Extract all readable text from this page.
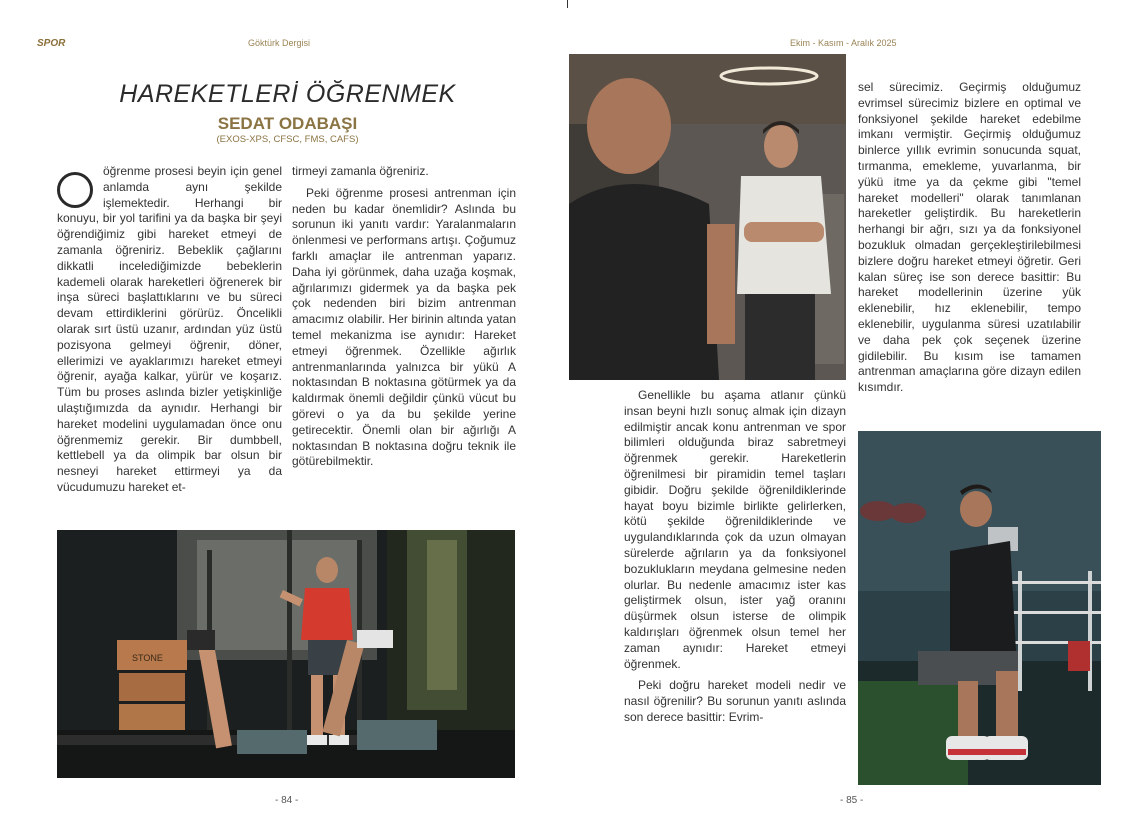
SPOR	Göktürk Dergisi
HAREKETLERİ ÖĞRENMEK
SEDAT ODABAŞI
(EXOS-XPS, CFSC, FMS, CAFS)

öğrenme prosesi beyin için genel anlamda aynı şekilde işlemektedir. Herhangi bir konuyu, bir yol tarifini ya da başka bir şeyi öğrendiğimiz gibi hareket etmeyi de zamanla öğreniriz. Bebeklik çağlarını dikkatli incelediğimizde bebeklerin kademeli olarak hareketleri öğrenerek bir inşa süreci başlattıklarını ve bu süreci devam ettirdiklerini görürüz. Öncelikli olarak sırt üstü uzanır, ardından yüz üstü pozisyona gelmeyi öğrenir, döner, ellerimizi ve ayaklarımızı hareket etmeyi öğrenir, ayağa kalkar, yürür ve koşarız. Tüm bu proses aslında bizler yetişkinliğe ulaştığımızda da aynıdır. Herhangi bir hareket modelini uygulamadan önce onu öğrenmemiz gerekir. Bir dumbbell, kettlebell ya da olimpik bar olsun bir nesneyi hareket ettirmeyi ya da vücudumuzu hareket et-

tirmeyi zamanla öğreniriz.

Peki öğrenme prosesi antrenman için neden bu kadar önemlidir? Aslında bu sorunun iki yanıtı vardır: Yaralanmaların önlenmesi ve performans artışı. Çoğumuz farklı amaçlar ile antrenman yaparız. Daha iyi görünmek, daha uzağa koşmak, ağrılarımızı gidermek ya da başka pek çok nedenden biri bizim antrenman amacımız olabilir. Her birinin altında yatan temel mekanizma ise aynıdır: Hareket etmeyi öğrenmek. Özellikle ağırlık antrenmanlarında yalnızca bir yükü A noktasından B noktasına götürmek ya da kaldırmak önemli değildir çünkü vücut bu görevi o ya da bu şekilde yerine getirecektir. Önemli olan bir ağırlığı A noktasından B noktasına doğru teknik ile götürebilmektir.

STONE
- 84 -
Ekim - Kasım - Aralık 2025

Genellikle bu aşama atlanır çünkü insan beyni hızlı sonuç almak için dizayn edilmiştir ancak konu antrenman ve spor bilimleri olduğunda biraz sabretmeyi öğrenmek gerekir. Hareketlerin öğrenilmesi bir piramidin temel taşları gibidir. Doğru şekilde öğrenildiklerinde hayat boyu bizimle birlikte gelirlerken, kötü şekilde öğrenildiklerinde ve uygulandıklarında çok da uzun olmayan sürelerde ağrıların ya da fonksiyonel bozuklukların meydana gelmesine neden olurlar. Bu nedenle amacımız ister kas geliştirmek olsun, ister yağ oranını düşürmek olsun isterse de olimpik kaldırışları öğrenmek olsun temel her zaman aynıdır: Hareket etmeyi öğrenmek.

Peki doğru hareket modeli nedir ve nasıl öğrenilir? Bu sorunun yanıtı aslında son derece basittir: Evrim-

sel sürecimiz. Geçirmiş olduğumuz evrimsel sürecimiz bizlere en optimal ve fonksiyonel şekilde hareket edebilme imkanı vermiştir. Geçirmiş olduğumuz binlerce yıllık evrimin sonucunda squat, tırmanma, emekleme, yuvarlanma, bir yükü itme ya da çekme gibi "temel hareket modelleri" olarak tanımlanan hareketler geliştirdik. Bu hareketlerin herhangi bir ağrı, sızı ya da fonksiyonel bozukluk olmadan gerçekleştirilebilmesi bizlere doğru hareket etmeyi öğretir. Geri kalan süreç ise son derece basittir: Bu hareket modellerinin üzerine yük eklenebilir, hız eklenebilir, tempo eklenebilir, uygulanma süresi uzatılabilir ve daha pek çok seçenek üzerine gidilebilir. Bu kısım ise tamamen antrenman amaçlarına göre dizayn edilen kısımdır.

- 85 -
